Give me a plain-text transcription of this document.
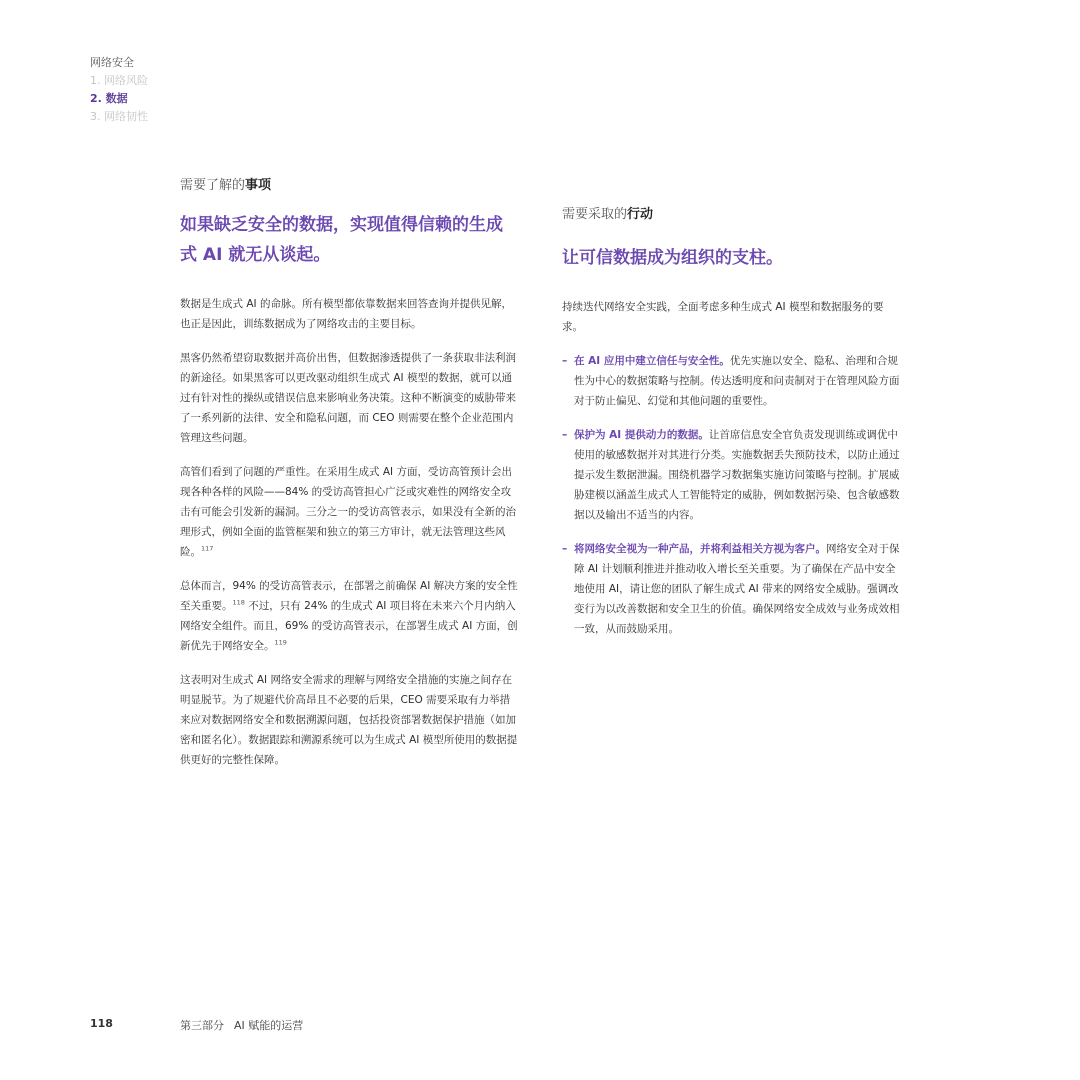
网络安全
1. 网络风险
2. 数据
3. 网络韧性
需要了解的事项
如果缺乏安全的数据，实现值得信赖的生成
式 AI 就无从谈起。

数据是生成式 AI 的命脉。所有模型都依靠数据来回答查询并提供见解，也正是因此，训练数据成为了网络攻击的主要目标。

黑客仍然希望窃取数据并高价出售，但数据渗透提供了一条获取非法利润的新途径。如果黑客可以更改驱动组织生成式 AI 模型的数据，就可以通过有针对性的操纵或错误信息来影响业务决策。这种不断演变的威胁带来了一系列新的法律、安全和隐私问题，而 CEO 则需要在整个企业范围内管理这些问题。

高管们看到了问题的严重性。在采用生成式 AI 方面，受访高管预计会出现各种各样的风险——84% 的受访高管担心广泛或灾难性的网络安全攻击有可能会引发新的漏洞。三分之一的受访高管表示，如果没有全新的治理形式，例如全面的监管框架和独立的第三方审计，就无法管理这些风险。$^{117}$

总体而言，94% 的受访高管表示，在部署之前确保 AI 解决方案的安全性至关重要。$^{118}$ 不过，只有 24% 的生成式 AI 项目将在未来六个月内纳入网络安全组件。而且，69% 的受访高管表示，在部署生成式 AI 方面，创新优先于网络安全。$^{119}$

这表明对生成式 AI 网络安全需求的理解与网络安全措施的实施之间存在明显脱节。为了规避代价高昂且不必要的后果，CEO 需要采取有力举措来应对数据网络安全和数据溯源问题，包括投资部署数据保护措施（如加密和匿名化）。数据跟踪和溯源系统可以为生成式 AI 模型所使用的数据提供更好的完整性保障。

需要采取的行动
让可信数据成为组织的支柱。

持续迭代网络安全实践，全面考虑多种生成式 AI 模型和数据服务的要求。

– 在 AI 应用中建立信任与安全性。优先实施以安全、隐私、治理和合规性为中心的数据策略与控制。传达透明度和问责制对于在管理风险方面对于防止偏见、幻觉和其他问题的重要性。
– 保护为 AI 提供动力的数据。让首席信息安全官负责发现训练或调优中使用的敏感数据并对其进行分类。实施数据丢失预防技术，以防止通过提示发生数据泄漏。围绕机器学习数据集实施访问策略与控制。扩展威胁建模以涵盖生成式人工智能特定的威胁，例如数据污染、包含敏感数据以及输出不适当的内容。
– 将网络安全视为一种产品，并将利益相关方视为客户。网络安全对于保障 AI 计划顺利推进并推动收入增长至关重要。为了确保在产品中安全地使用 AI，请让您的团队了解生成式 AI 带来的网络安全威胁。强调改变行为以改善数据和安全卫生的价值。确保网络安全成效与业务成效相一致，从而鼓励采用。
118	第三部分 AI 赋能的运营
